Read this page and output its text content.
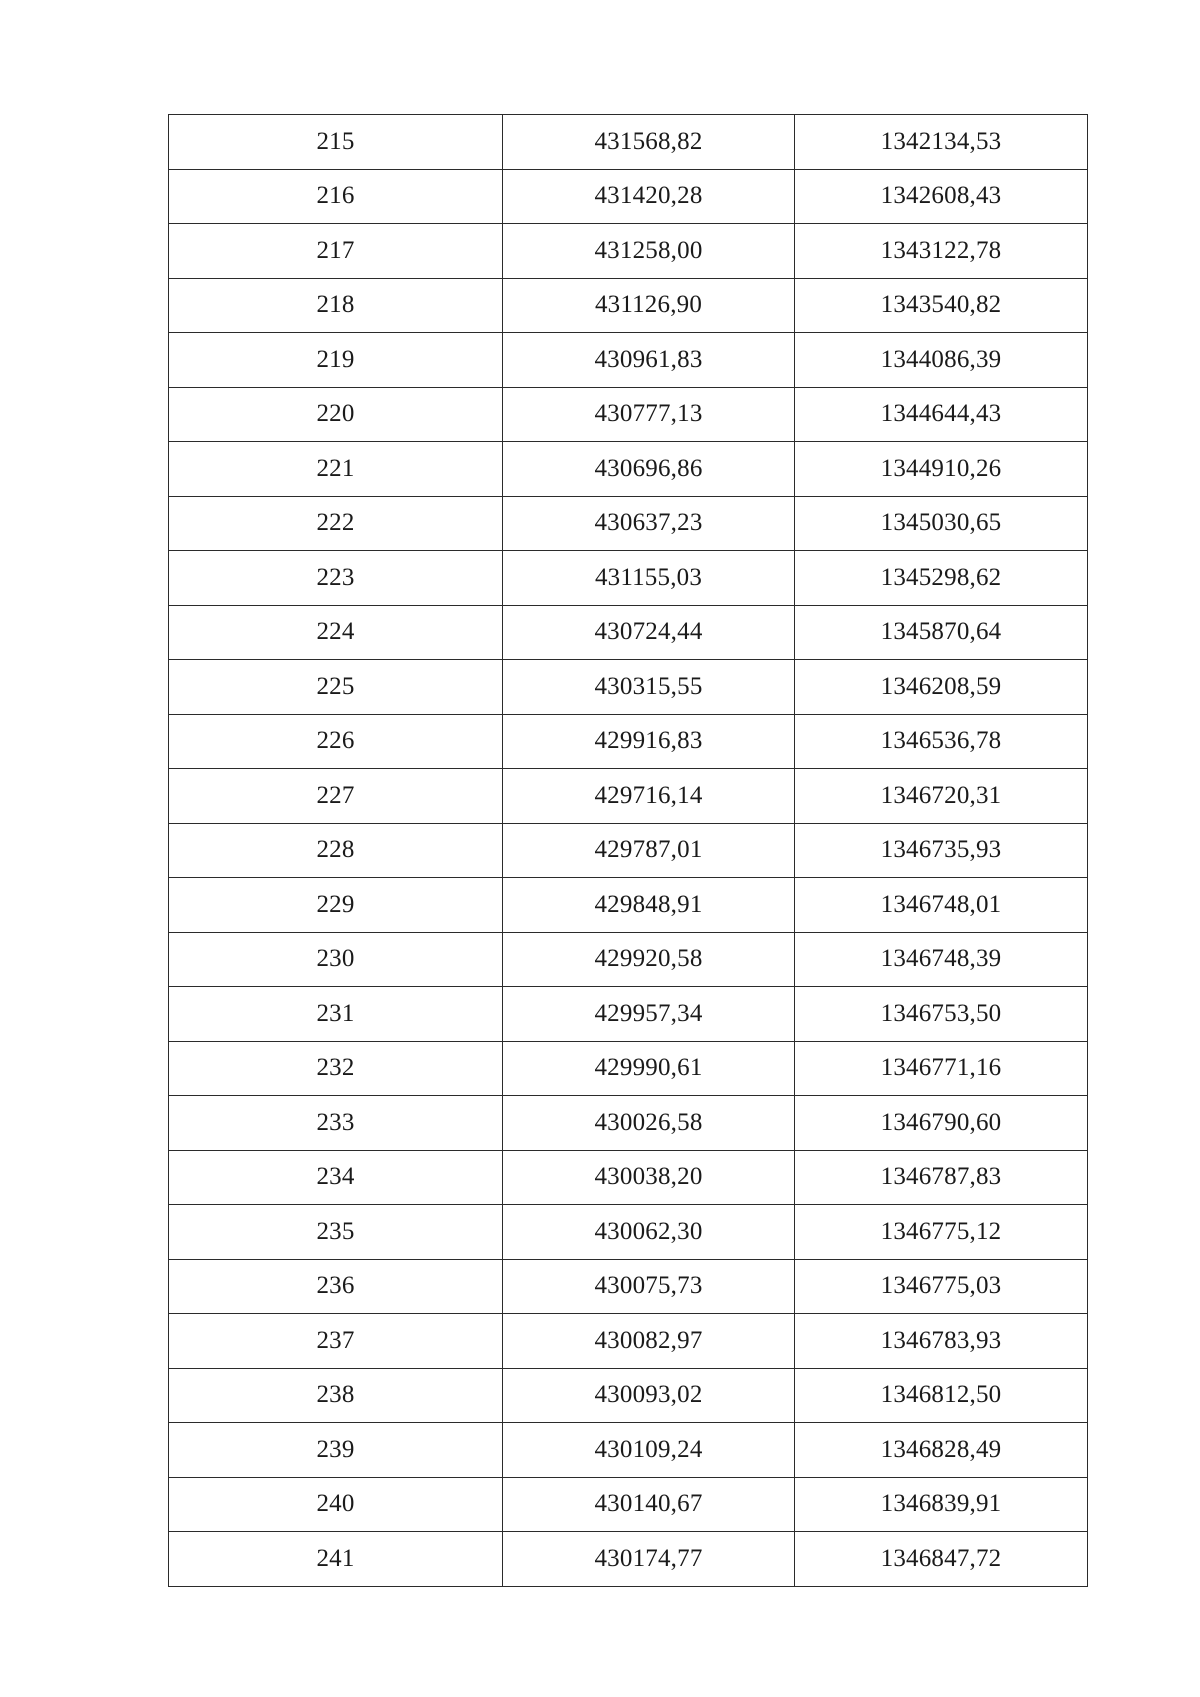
215	431568,82	1342134,53
216	431420,28	1342608,43
217	431258,00	1343122,78
218	431126,90	1343540,82
219	430961,83	1344086,39
220	430777,13	1344644,43
221	430696,86	1344910,26
222	430637,23	1345030,65
223	431155,03	1345298,62
224	430724,44	1345870,64
225	430315,55	1346208,59
226	429916,83	1346536,78
227	429716,14	1346720,31
228	429787,01	1346735,93
229	429848,91	1346748,01
230	429920,58	1346748,39
231	429957,34	1346753,50
232	429990,61	1346771,16
233	430026,58	1346790,60
234	430038,20	1346787,83
235	430062,30	1346775,12
236	430075,73	1346775,03
237	430082,97	1346783,93
238	430093,02	1346812,50
239	430109,24	1346828,49
240	430140,67	1346839,91
241	430174,77	1346847,72
